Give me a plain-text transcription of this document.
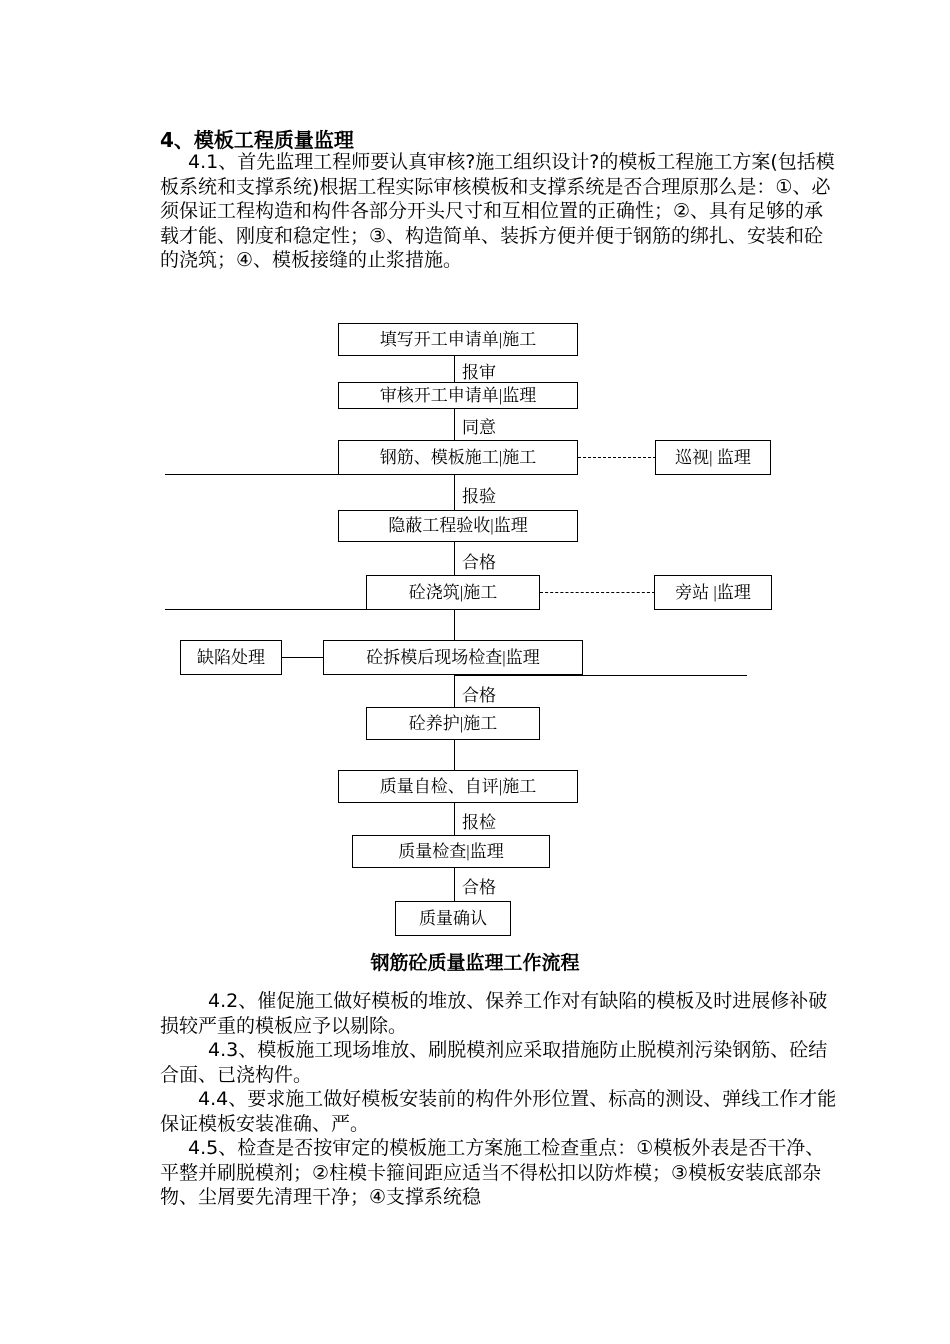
4、模板工程质量监理
4.1、首先监理工程师要认真审核?施工组织设计?的模板工程施工方案(包括模板系统和支撑系统)根据工程实际审核模板和支撑系统是否合理原那么是：①、必须保证工程构造和构件各部分开头尺寸和互相位置的正确性；②、具有足够的承载才能、刚度和稳定性；③、构造简单、装拆方便并便于钢筋的绑扎、安装和砼的浇筑；④、模板接缝的止浆措施。
填写开工申请单|施工
报审
审核开工申请单|监理
同意
钢筋、模板施工|施工	巡视| 监理
报验
隐蔽工程验收|监理
合格
砼浇筑|施工	旁站 |监理
缺陷处理	砼拆模后现场检查|监理
合格
砼养护|施工
质量自检、自评|施工
报检
质量检查|监理
合格
质量确认
钢筋砼质量监理工作流程
4.2、催促施工做好模板的堆放、保养工作对有缺陷的模板及时进展修补破损较严重的模板应予以剔除。
4.3、模板施工现场堆放、刷脱模剂应采取措施防止脱模剂污染钢筋、砼结合面、已浇构件。
4.4、要求施工做好模板安装前的构件外形位置、标高的测设、弹线工作才能保证模板安装准确、严。
4.5、检查是否按审定的模板施工方案施工检查重点：①模板外表是否干净、平整并刷脱模剂；②柱模卡箍间距应适当不得松扣以防炸模；③模板安装底部杂物、尘屑要先清理干净；④支撑系统稳
